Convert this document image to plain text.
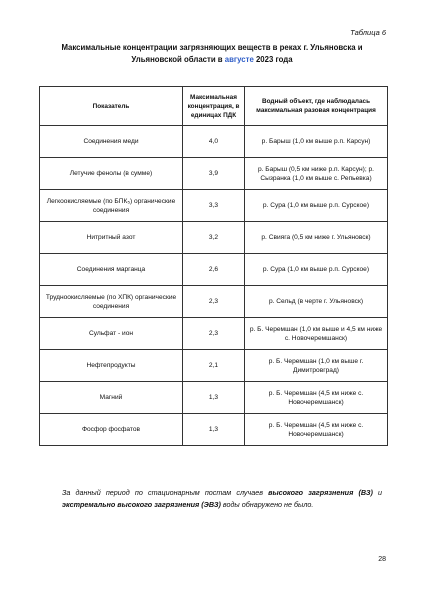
Таблица 6
Максимальные концентрации загрязняющих веществ в реках г. Ульяновска и Ульяновской области в августе 2023 года
Показатель	Максимальная концентрация, в единицах ПДК	Водный объект, где наблюдалась максимальная разовая концентрация
Соединения меди	4,0	р. Барыш (1,0 км выше р.п. Карсун)
Летучие фенолы (в сумме)	3,9	р. Барыш (0,5 км ниже р.п. Карсун); р. Сызранка (1,0 км выше с. Репьевка)
Легкоокисляемые (по БПК₅) органические соединения	3,3	р. Сура (1,0 км выше р.п. Сурское)
Нитритный азот	3,2	р. Свияга (0,5 км ниже г. Ульяновск)
Соединения марганца	2,6	р. Сура (1,0 км выше р.п. Сурское)
Трудноокисляемые (по ХПК) органические соединения	2,3	р. Сельд (в черте г. Ульяновск)
Сульфат - ион	2,3	р. Б. Черемшан (1,0 км выше и 4,5 км ниже с. Новочеремшанск)
Нефтепродукты	2,1	р. Б. Черемшан (1,0 км выше г. Димитровград)
Магний	1,3	р. Б. Черемшан (4,5 км ниже с. Новочеремшанск)
Фосфор фосфатов	1,3	р. Б. Черемшан (4,5 км ниже с. Новочеремшанск)
За данный период по стационарным постам случаев высокого загрязнения (ВЗ) и экстремально высокого загрязнения (ЭВЗ) воды обнаружено не было.
28
